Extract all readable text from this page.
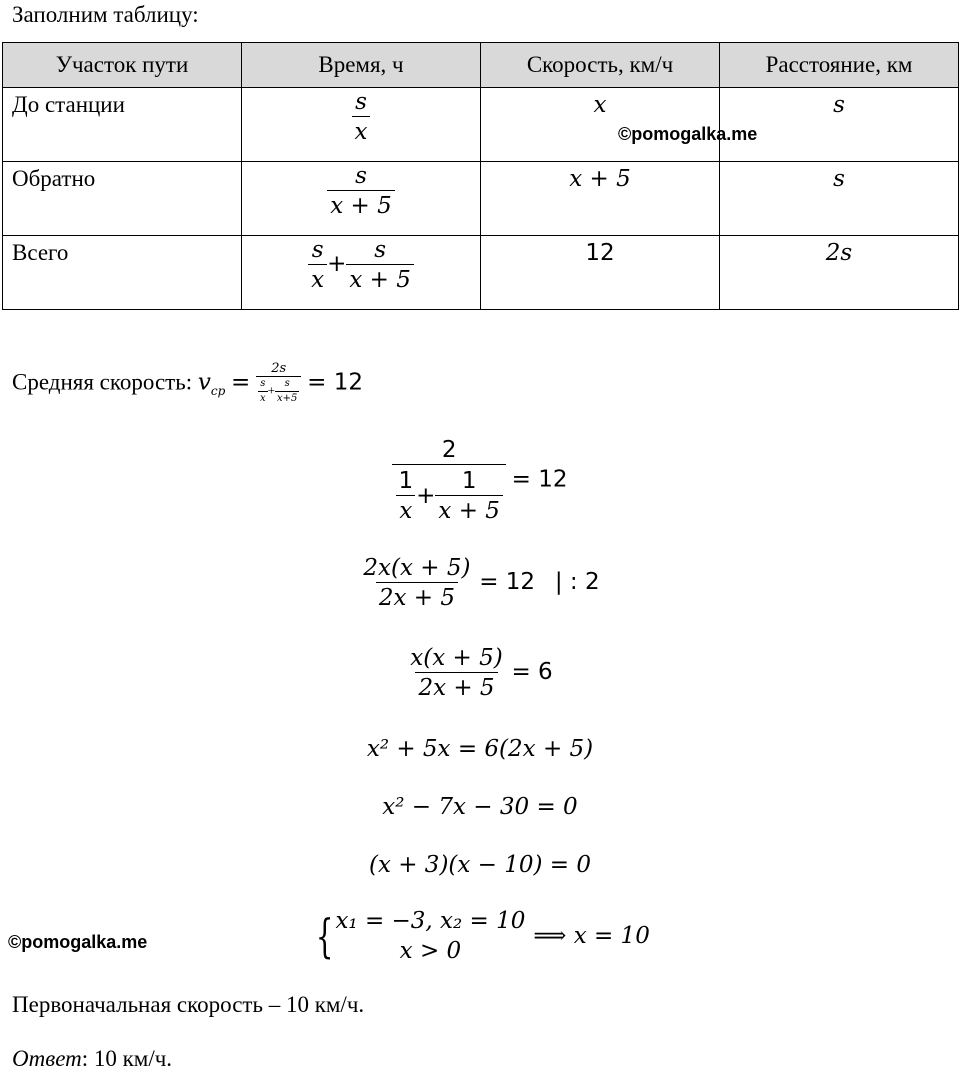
Заполним таблицу:
Участок пути	Время, ч	Скорость, км/ч	Расстояние, км
До станции	$\frac{s}{x}$	x	s

Обратно	$\frac{s}{x + 5}$	x + 5	s

Всего	$\frac{s}{x} + \frac{s}{x + 5}$	12	2s
©pomogalka.me
Средняя скорость: $v_{ср} = \frac{2s}{\frac{s}{x} + \frac{s}{x+5}} = 12$
$\frac{2}{\frac{1}{x} + \frac{1}{x + 5}} = 12$
$\frac{2x(x + 5)}{2x + 5} = 12$ | : 2
$\frac{x(x + 5)}{2x + 5} = 6$
x² + 5x = 6(2x + 5)
x² − 7x − 30 = 0
(x + 3)(x − 10) = 0
{ x₁ = −3, x₂ = 10
x > 0
⟹ x = 10
©pomogalka.me
Первоначальная скорость – 10 км/ч.
Ответ: 10 км/ч.
